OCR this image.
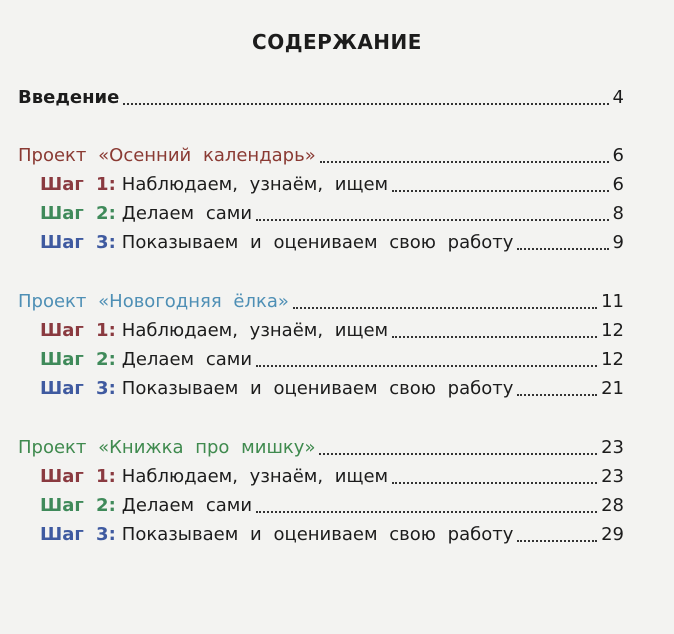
СОДЕРЖАНИЕ
Введение	4
Проект «Осенний календарь»	6
Шаг 1: Наблюдаем, узнаём, ищем	6
Шаг 2: Делаем сами	8
Шаг 3: Показываем и оцениваем свою работу	9
Проект «Новогодняя ёлка»	11
Шаг 1: Наблюдаем, узнаём, ищем	12
Шаг 2: Делаем сами	12
Шаг 3: Показываем и оцениваем свою работу	21
Проект «Книжка про мишку»	23
Шаг 1: Наблюдаем, узнаём, ищем	23
Шаг 2: Делаем сами	28
Шаг 3: Показываем и оцениваем свою работу	29
